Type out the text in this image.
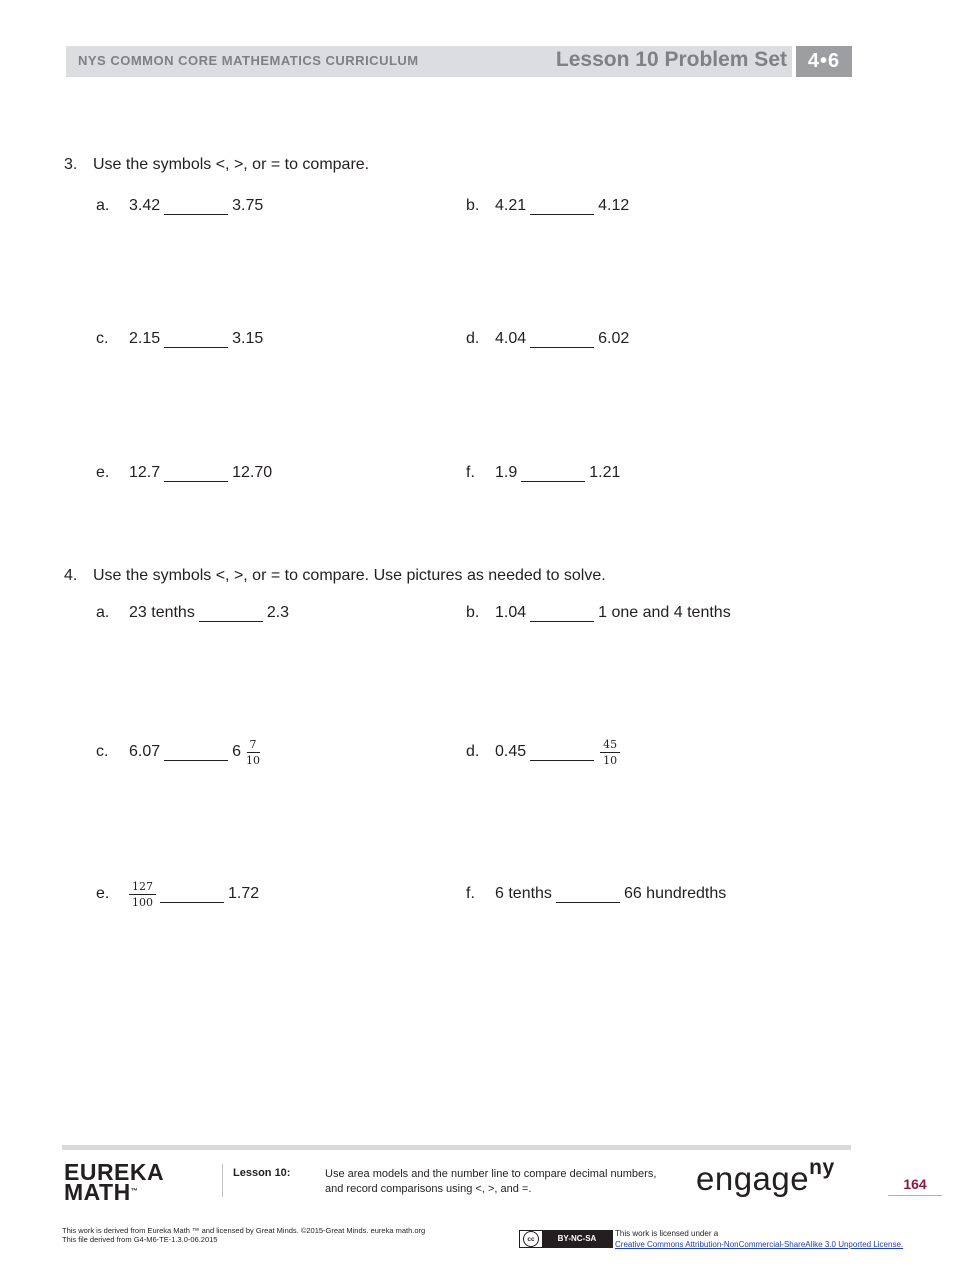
NYS COMMON CORE MATHEMATICS CURRICULUM	Lesson 10 Problem Set	4•6
3. Use the symbols <, >, or = to compare.
a.	3.42	3.75	b. 4.21	4.12
c.	2.15	3.15	d. 4.04	6.02
e.	12.7	12.70	f.	1.9	1.21
4. Use the symbols <, >, or = to compare. Use pictures as needed to solve.
a.	23 tenths	2.3	b. 1.04	1 one and 4 tenths
c.	6.07	$6 \frac{7}{10}$	d. 0.45	$\frac{45}{10}$
e.	$\frac{127}{100}$	1.72	f.	6 tenths	66 hundredths
EUREKA
MATH™
Lesson 10:	Use area models and the number line to compare decimal numbers,
and record comparisons using <, >, and =.	engage$^{ny}$
164
This work is derived from Eureka Math ™ and licensed by Great Minds. ©2015-Great Minds. eureka math.org
This file derived from G4-M6-TE-1.3.0-06.2015	cc	BY-NC-SA
This work is licensed under a
Creative Commons Attribution-NonCommercial-ShareAlike 3.0 Unported License.
